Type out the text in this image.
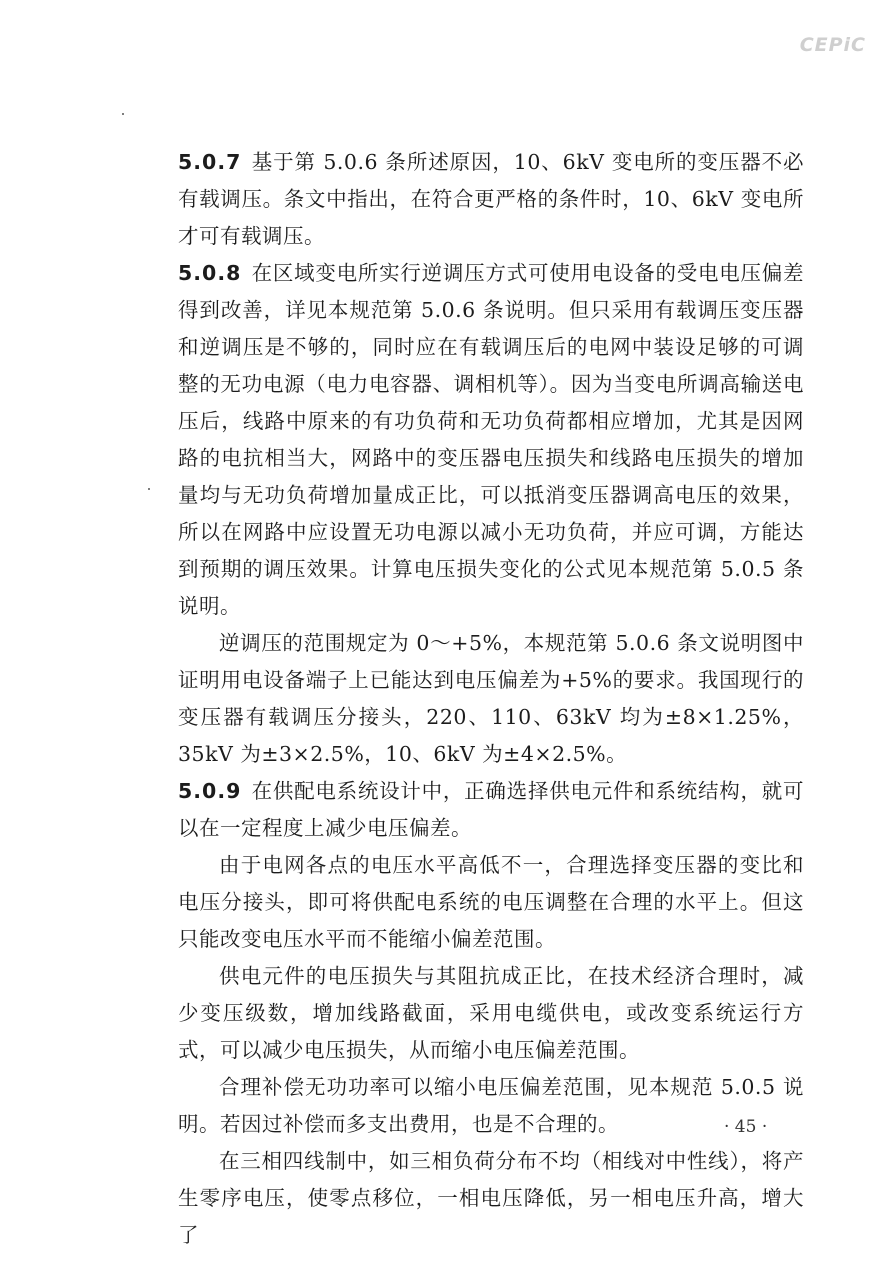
CEPiC

5.0.7 基于第 5.0.6 条所述原因，10、6kV 变电所的变压器不必有载调压。条文中指出，在符合更严格的条件时，10、6kV 变电所才可有载调压。

5.0.8 在区域变电所实行逆调压方式可使用电设备的受电电压偏差得到改善，详见本规范第 5.0.6 条说明。但只采用有载调压变压器和逆调压是不够的，同时应在有载调压后的电网中装设足够的可调整的无功电源（电力电容器、调相机等）。因为当变电所调高输送电压后，线路中原来的有功负荷和无功负荷都相应增加，尤其是因网路的电抗相当大，网路中的变压器电压损失和线路电压损失的增加量均与无功负荷增加量成正比，可以抵消变压器调高电压的效果，所以在网路中应设置无功电源以减小无功负荷，并应可调，方能达到预期的调压效果。计算电压损失变化的公式见本规范第 5.0.5 条说明。

逆调压的范围规定为 0～+5%，本规范第 5.0.6 条文说明图中证明用电设备端子上已能达到电压偏差为+5%的要求。我国现行的变压器有载调压分接头，220、110、63kV 均为±8×1.25%，35kV 为±3×2.5%，10、6kV 为±4×2.5%。

5.0.9 在供配电系统设计中，正确选择供电元件和系统结构，就可以在一定程度上减少电压偏差。

由于电网各点的电压水平高低不一，合理选择变压器的变比和电压分接头，即可将供配电系统的电压调整在合理的水平上。但这只能改变电压水平而不能缩小偏差范围。

供电元件的电压损失与其阻抗成正比，在技术经济合理时，减少变压级数，增加线路截面，采用电缆供电，或改变系统运行方式，可以减少电压损失，从而缩小电压偏差范围。

合理补偿无功功率可以缩小电压偏差范围，见本规范 5.0.5 说明。若因过补偿而多支出费用，也是不合理的。

在三相四线制中，如三相负荷分布不均（相线对中性线），将产生零序电压，使零点移位，一相电压降低，另一相电压升高，增大了

· 45 ·
